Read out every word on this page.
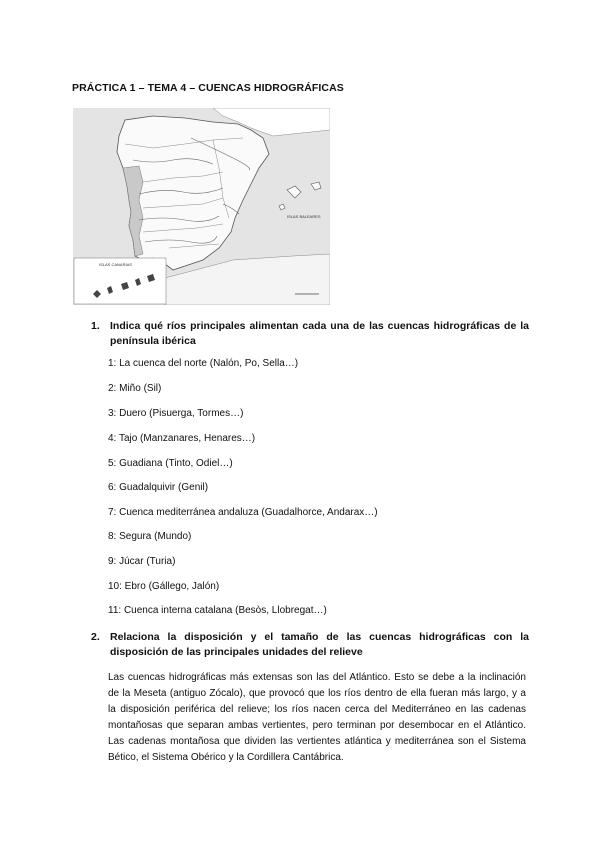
PRÁCTICA 1 – TEMA 4 – CUENCAS HIDROGRÁFICAS
ISLAS BALEARES
ISLAS CANARIAS
1. Indica qué ríos principales alimentan cada una de las cuencas hidrográficas de la península ibérica
1: La cuenca del norte (Nalón, Po, Sella…)
2: Miño (Sil)
3: Duero (Pisuerga, Tormes…)
4: Tajo (Manzanares, Henares…)
5: Guadiana (Tinto, Odiel…)
6: Guadalquivir (Genil)
7: Cuenca mediterránea andaluza (Guadalhorce, Andarax…)
8: Segura (Mundo)
9: Júcar (Turia)
10: Ebro (Gállego, Jalón)
11: Cuenca interna catalana (Besòs, Llobregat…)
2. Relaciona la disposición y el tamaño de las cuencas hidrográficas con la disposición de las principales unidades del relieve
Las cuencas hidrográficas más extensas son las del Atlántico. Esto se debe a la inclinación de la Meseta (antiguo Zócalo), que provocó que los ríos dentro de ella fueran más largo, y a la disposición periférica del relieve; los ríos nacen cerca del Mediterráneo en las cadenas montañosas que separan ambas vertientes, pero terminan por desembocar en el Atlántico. Las cadenas montañosa que dividen las vertientes atlántica y mediterránea son el Sistema Bético, el Sistema Obérico y la Cordillera Cantábrica.
